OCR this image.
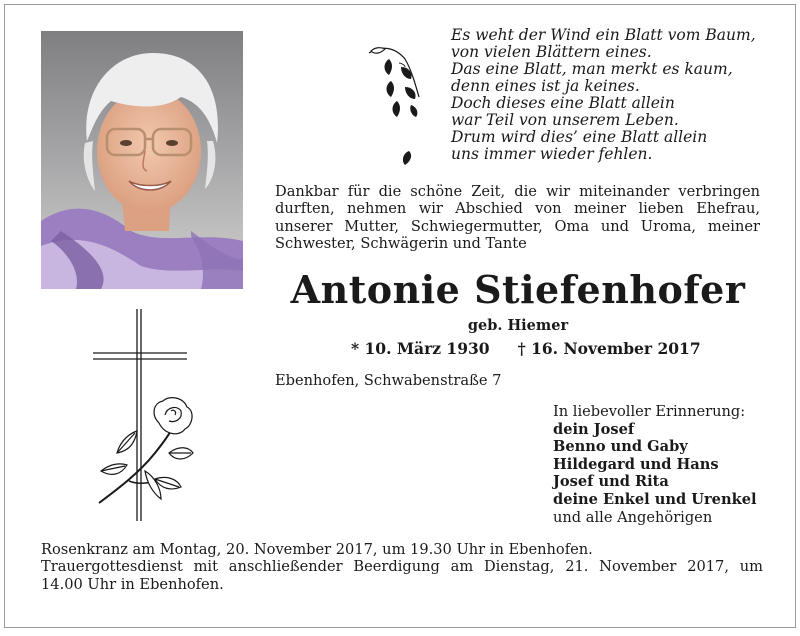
Es weht der Wind ein Blatt vom Baum,
von vielen Blättern eines.
Das eine Blatt, man merkt es kaum,
denn eines ist ja keines.
Doch dieses eine Blatt allein
war Teil von unserem Leben.
Drum wird dies’ eine Blatt allein
uns immer wieder fehlen.
Dankbar für die schöne Zeit, die wir miteinander verbringen
durften, nehmen wir Abschied von meiner lieben Ehefrau,
unserer Mutter, Schwiegermutter, Oma und Uroma, meiner
Schwester, Schwägerin und Tante
Antonie Stiefenhofer
geb. Hiemer
* 10. März 1930 † 16. November 2017
Ebenhofen, Schwabenstraße 7
In liebevoller Erinnerung:
dein Josef
Benno und Gaby
Hildegard und Hans
Josef und Rita
deine Enkel und Urenkel
und alle Angehörigen
Rosenkranz am Montag, 20. November 2017, um 19.30 Uhr in Ebenhofen.
Trauergottesdienst mit anschließender Beerdigung am Dienstag, 21. November 2017, um
14.00 Uhr in Ebenhofen.
